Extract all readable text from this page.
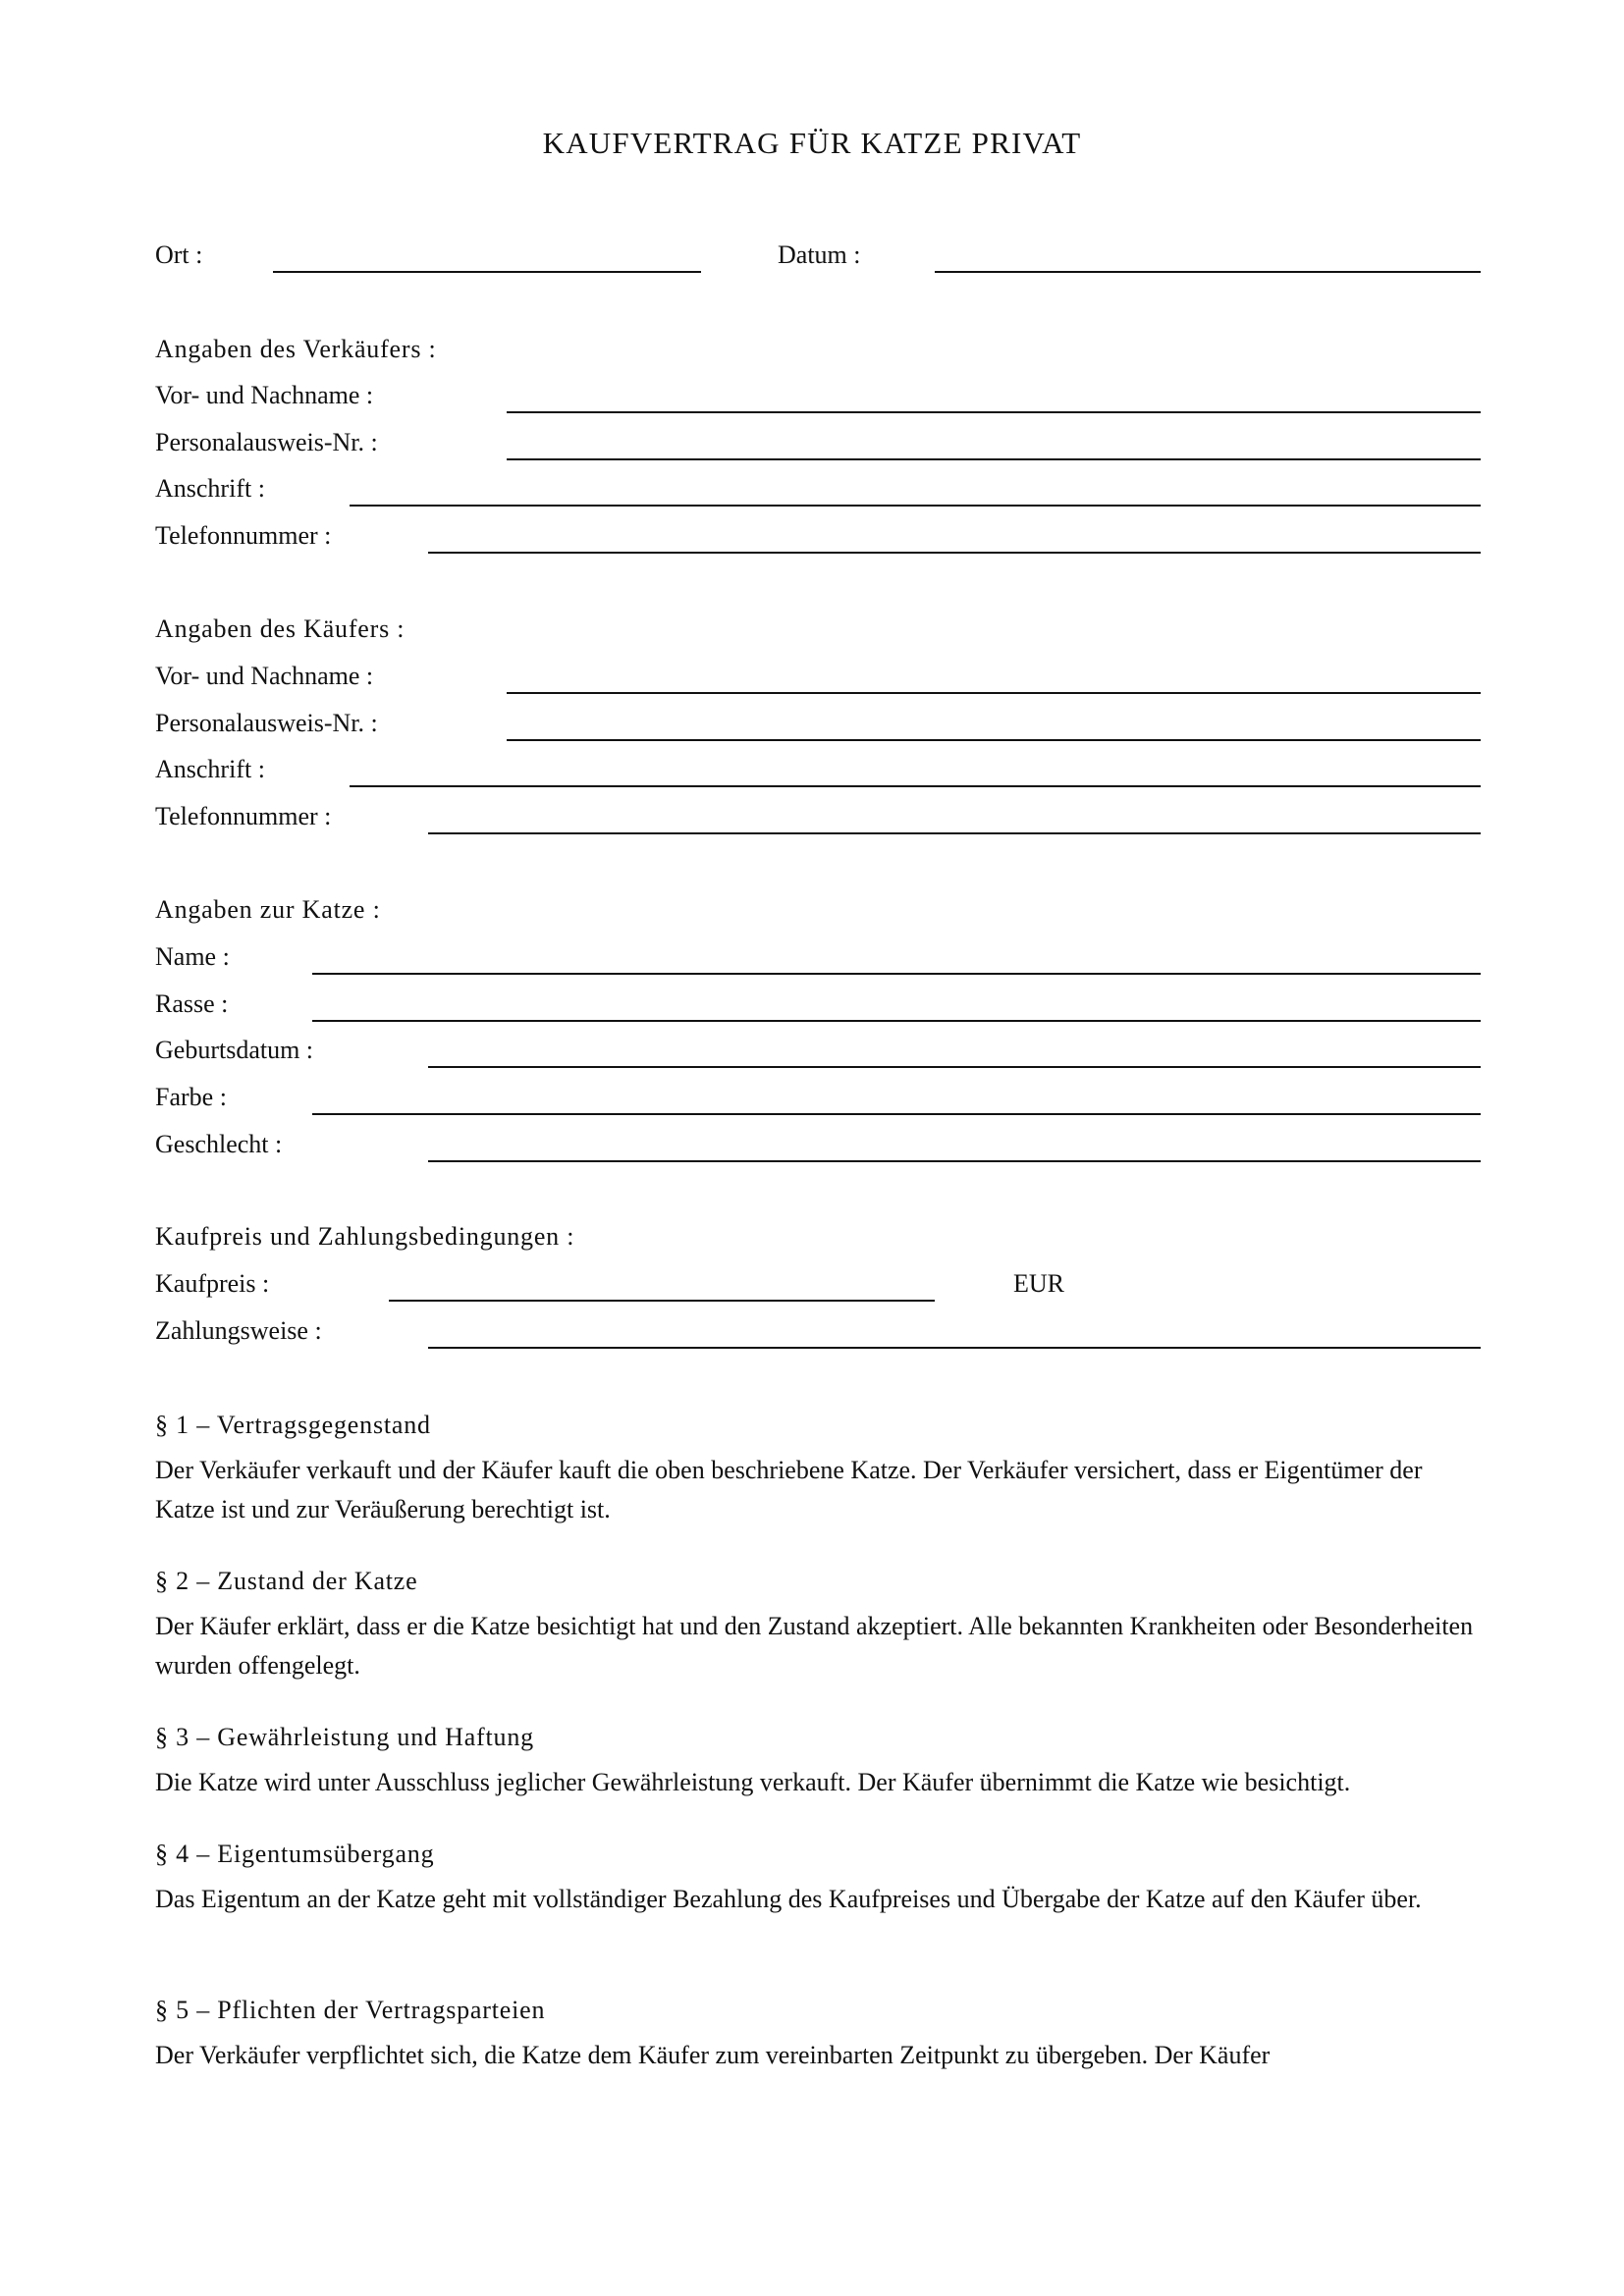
KAUFVERTRAG FÜR KATZE PRIVAT
Ort :	Datum :
Angaben des Verkäufers :
Vor- und Nachname :
Personalausweis-Nr. :
Anschrift :
Telefonnummer :
Angaben des Käufers :
Vor- und Nachname :
Personalausweis-Nr. :
Anschrift :
Telefonnummer :
Angaben zur Katze :
Name :
Rasse :
Geburtsdatum :
Farbe :
Geschlecht :
Kaufpreis und Zahlungsbedingungen :
Kaufpreis :	EUR
Zahlungsweise :
§ 1 – Vertragsgegenstand
Der Verkäufer verkauft und der Käufer kauft die oben beschriebene Katze. Der Verkäufer versichert, dass er Eigentümer der Katze ist und zur Veräußerung berechtigt ist.
§ 2 – Zustand der Katze
Der Käufer erklärt, dass er die Katze besichtigt hat und den Zustand akzeptiert. Alle bekannten Krankheiten oder Besonderheiten wurden offengelegt.
§ 3 – Gewährleistung und Haftung
Die Katze wird unter Ausschluss jeglicher Gewährleistung verkauft. Der Käufer übernimmt die Katze wie besichtigt.
§ 4 – Eigentumsübergang
Das Eigentum an der Katze geht mit vollständiger Bezahlung des Kaufpreises und Übergabe der Katze auf den Käufer über.
§ 5 – Pflichten der Vertragsparteien
Der Verkäufer verpflichtet sich, die Katze dem Käufer zum vereinbarten Zeitpunkt zu übergeben. Der Käufer
